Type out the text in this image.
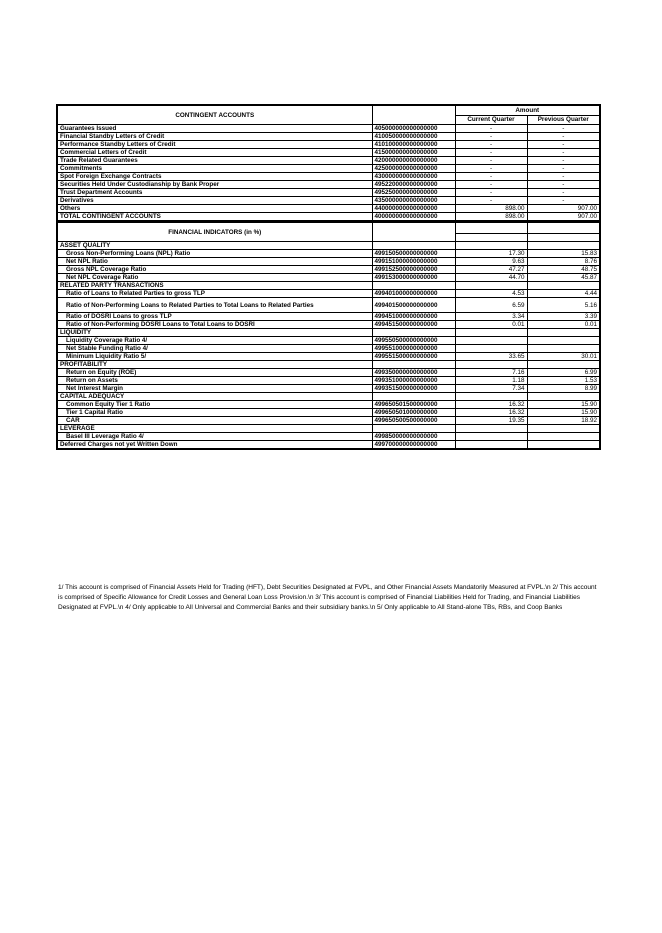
CONTINGENT ACCOUNTS		Amount	
		Current Quarter	Previous Quarter
Guarantees Issued	405000000000000000	-	-
Financial Standby Letters of Credit	410050000000000000	-	-
Performance Standby Letters of Credit	410100000000000000	-	-
Commercial Letters of Credit	415000000000000000	-	-
Trade Related Guarantees	420000000000000000	-	-
Commitments	425000000000000000	-	-
Spot Foreign Exchange Contracts	430000000000000000	-	-
Securities Held Under Custodianship by Bank Proper	495220000000000000	-	-
Trust Department Accounts	495250000000000000	-	-
Derivatives	435000000000000000	-	-
Others	440000000000000000	898.00	907.00
TOTAL CONTINGENT ACCOUNTS	400000000000000000	898.00	907.00
FINANCIAL INDICATORS (in %)			

ASSET QUALITY			
Gross Non-Performing Loans (NPL) Ratio	499150500000000000	17.30	15.83
Net NPL Ratio	499151000000000000	9.63	8.76
Gross NPL Coverage Ratio	499152500000000000	47.27	48.75
Net NPL Coverage Ratio	499153000000000000	44.70	45.87
RELATED PARTY TRANSACTIONS			
Ratio of Loans to Related Parties to gross TLP	499401000000000000	4.53	4.44
Ratio of Non-Performing Loans to Related Parties to Total Loans to Related Parties	499401500000000000	6.59	5.16
Ratio of DOSRI Loans to gross TLP	499451000000000000	3.34	3.39
Ratio of Non-Performing DOSRI Loans to Total Loans to DOSRI	499451500000000000	0.01	0.01
LIQUIDITY			
Liquidity Coverage Ratio 4/	499550500000000000		
Net Stable Funding Ratio 4/	499551000000000000		
Minimum Liquidity Ratio 5/	499551500000000000	33.65	30.01
PROFITABILITY			
Return on Equity (ROE)	499350000000000000	7.16	6.99
Return on Assets	499351000000000000	1.18	1.53
Net Interest Margin	499351500000000000	7.34	8.99
CAPITAL ADEQUACY			
Common Equity Tier 1 Ratio	499650501500000000	16.32	15.90
Tier 1 Capital Ratio	499650501000000000	16.32	15.90
CAR	499650500500000000	19.35	18.92
LEVERAGE			
Basel III Leverage Ratio 4/	499850000000000000		
Deferred Charges not yet Written Down	499700000000000000		
1/ This account is comprised of Financial Assets Held for Trading (HFT), Debt Securities Designated at FVPL, and Other Financial Assets Mandatorily Measured at FVPL.\n 2/ This account is comprised of Specific Allowance for Credit Losses and General Loan Loss Provision.\n 3/ This account is comprised of Financial Liabilities Held for Trading, and Financial Liabilities Designated at FVPL.\n 4/ Only applicable to All Universal and Commercial Banks and their subsidiary banks.\n 5/ Only applicable to All Stand-alone TBs, RBs, and Coop Banks
